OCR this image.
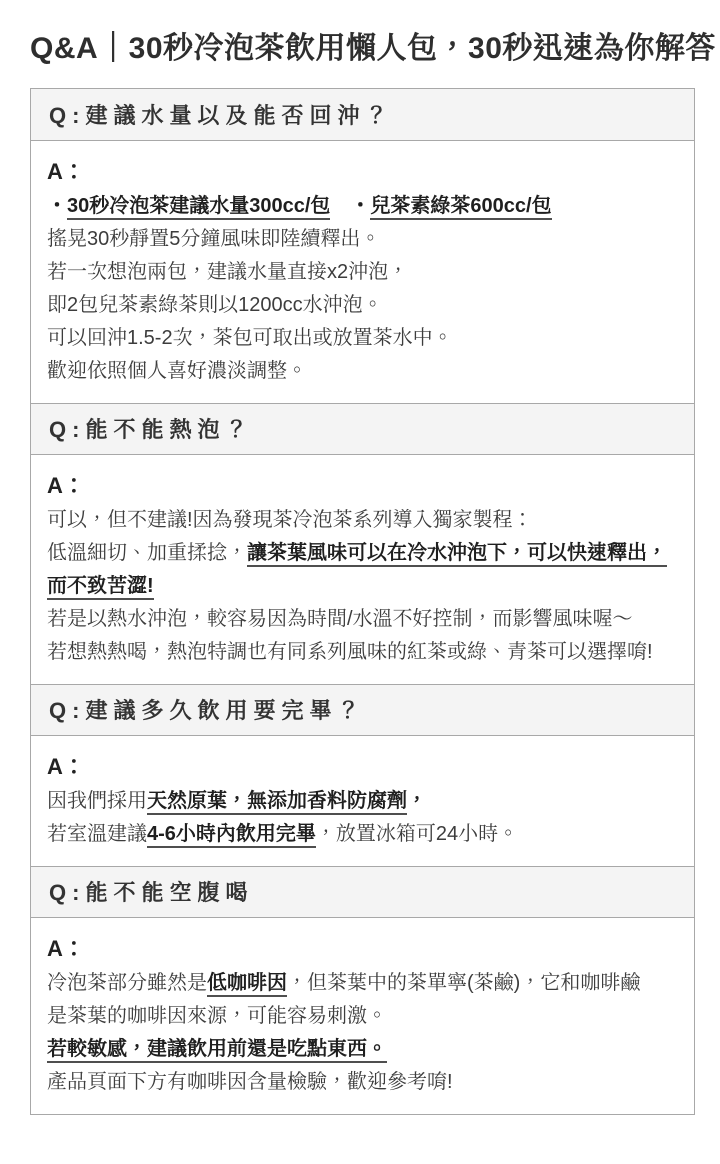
Q&A｜30秒冷泡茶飲用懶人包，30秒迅速為你解答
Q:建議水量以及能否回沖？
A：
・30秒冷泡茶建議水量300cc/包　 ・兒茶素綠茶600cc/包
搖晃30秒靜置5分鐘風味即陸續釋出。
若一次想泡兩包，建議水量直接x2沖泡，
即2包兒茶素綠茶則以1200cc水沖泡。
可以回沖1.5-2次，茶包可取出或放置茶水中。
歡迎依照個人喜好濃淡調整。
Q:能不能熱泡？
A：
可以，但不建議!因為發現茶冷泡茶系列導入獨家製程：
低溫細切、加重揉捻，讓茶葉風味可以在冷水沖泡下，可以快速釋出，
而不致苦澀!
若是以熱水沖泡，較容易因為時間/水溫不好控制，而影響風味喔～
若想熱熱喝，熱泡特調也有同系列風味的紅茶或綠、青茶可以選擇唷!
Q:建議多久飲用要完畢？
A：
因我們採用天然原葉，無添加香料防腐劑，
若室溫建議4-6小時內飲用完畢，放置冰箱可24小時。
Q:能不能空腹喝
A：
冷泡茶部分雖然是低咖啡因，但茶葉中的茶單寧(茶鹼)，它和咖啡鹼
是茶葉的咖啡因來源，可能容易刺激。
若較敏感，建議飲用前還是吃點東西。
產品頁面下方有咖啡因含量檢驗，歡迎參考唷!
